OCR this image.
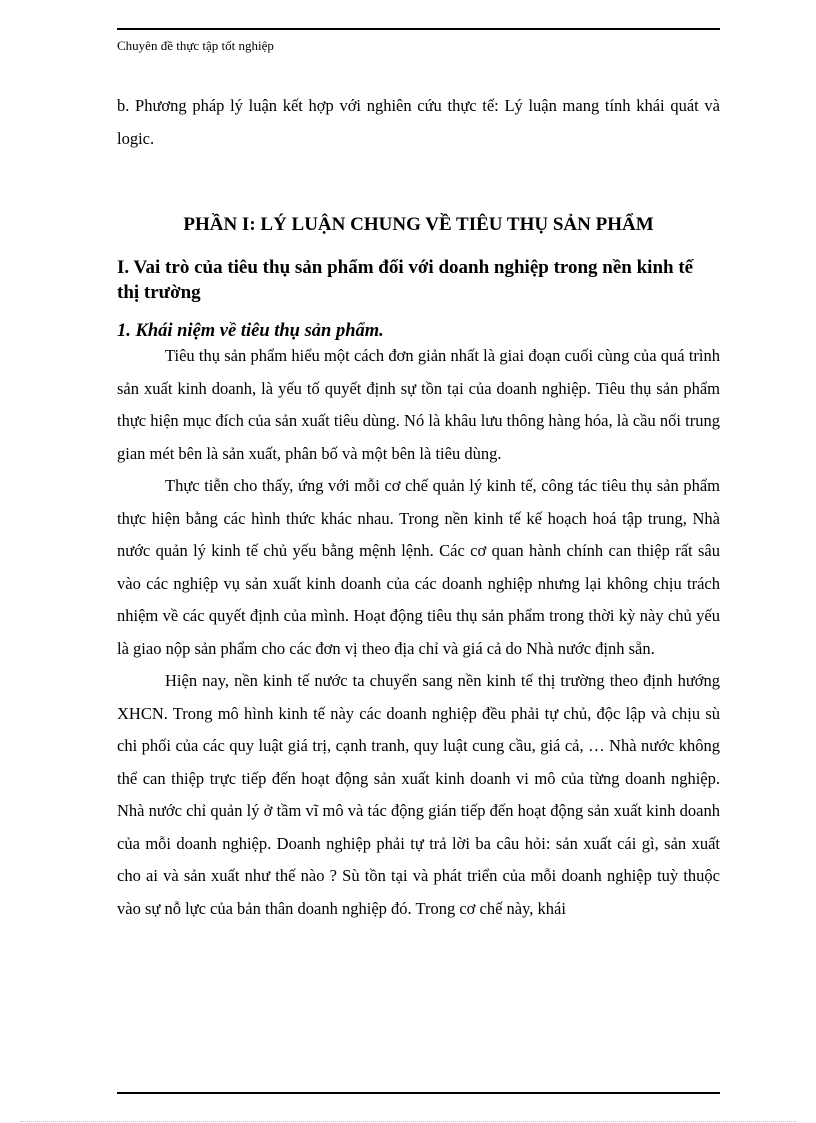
Chuyên đề thực tập tốt nghiệp

b. Phương pháp lý luận kết hợp với nghiên cứu thực tế: Lý luận mang tính khái quát và logic.

PHẦN I: LÝ LUẬN CHUNG VỀ TIÊU THỤ SẢN PHẨM
I. Vai trò của tiêu thụ sản phẩm đối với doanh nghiệp trong nền kinh tế thị trường
1. Khái niệm về tiêu thụ sản phẩm.

Tiêu thụ sản phẩm hiểu một cách đơn giản nhất là giai đoạn cuối cùng của quá trình sản xuất kinh doanh, là yếu tố quyết định sự tồn tại của doanh nghiệp. Tiêu thụ sản phẩm thực hiện mục đích của sản xuất tiêu dùng. Nó là khâu lưu thông hàng hóa, là cầu nối trung gian mét bên là sản xuất, phân bố và một bên là tiêu dùng.

Thực tiễn cho thấy, ứng với mỗi cơ chế quản lý kinh tế, công tác tiêu thụ sản phẩm thực hiện bằng các hình thức khác nhau. Trong nền kinh tế kế hoạch hoá tập trung, Nhà nước quản lý kinh tế chủ yếu bằng mệnh lệnh. Các cơ quan hành chính can thiệp rất sâu vào các nghiệp vụ sản xuất kinh doanh của các doanh nghiệp nhưng lại không chịu trách nhiệm về các quyết định của mình. Hoạt động tiêu thụ sản phẩm trong thời kỳ này chủ yếu là giao nộp sản phẩm cho các đơn vị theo địa chỉ và giá cả do Nhà nước định sẵn.

Hiện nay, nền kinh tế nước ta chuyển sang nền kinh tế thị trường theo định hướng XHCN. Trong mô hình kinh tế này các doanh nghiệp đều phải tự chủ, độc lập và chịu sù chi phối của các quy luật giá trị, cạnh tranh, quy luật cung cầu, giá cả, … Nhà nước không thể can thiệp trực tiếp đến hoạt động sản xuất kinh doanh vi mô của từng doanh nghiệp. Nhà nước chỉ quản lý ở tầm vĩ mô và tác động gián tiếp đến hoạt động sản xuất kinh doanh của mỗi doanh nghiệp. Doanh nghiệp phải tự trả lời ba câu hỏi: sản xuất cái gì, sản xuất cho ai và sản xuất như thế nào ? Sù tồn tại và phát triển của mỗi doanh nghiệp tuỳ thuộc vào sự nỗ lực của bản thân doanh nghiệp đó. Trong cơ chế này, khái
